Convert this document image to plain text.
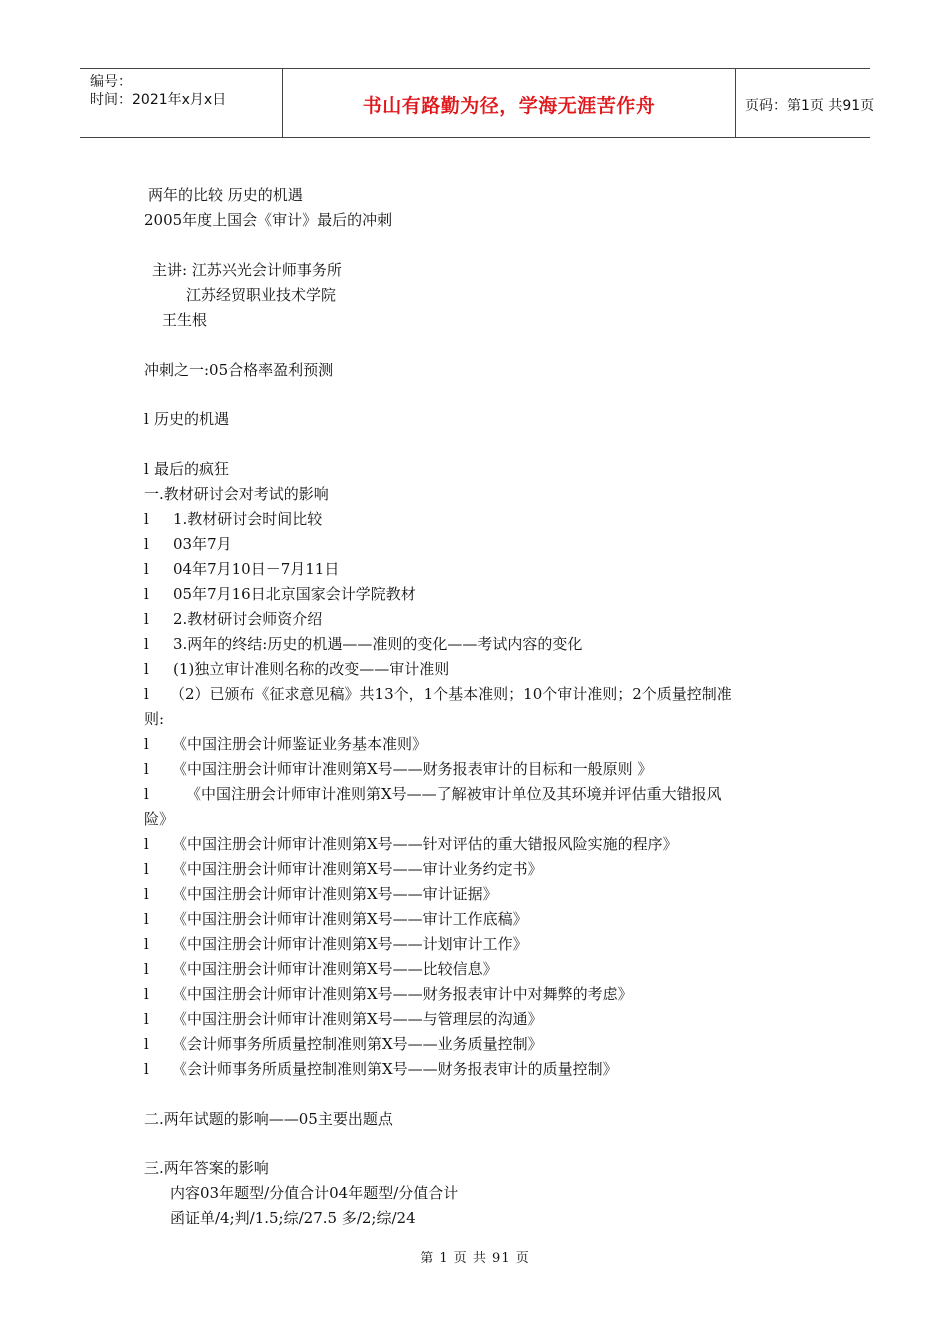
编号：
时间：2021年x月x日	书山有路勤为径，学海无涯苦作舟	页码：第1页 共91页
两年的比较 历史的机遇
2005年度上国会《审计》最后的冲刺
主讲: 江苏兴光会计师事务所
江苏经贸职业技术学院
王生根
冲刺之一:05合格率盈利预测
l 历史的机遇
l 最后的疯狂
一.教材研讨会对考试的影响
l 1.教材研讨会时间比较
l 03年7月
l 04年7月10日－7月11日
l 05年7月16日北京国家会计学院教材
l 2.教材研讨会师资介绍
l 3.两年的终结:历史的机遇——准则的变化——考试内容的变化
l (1)独立审计准则名称的改变——审计准则
l （2）已颁布《征求意见稿》共13个，1个基本准则；10个审计准则；2个质量控制准
则:
l 《中国注册会计师鉴证业务基本准则》
l 《中国注册会计师审计准则第X号——财务报表审计的目标和一般原则 》
l 《中国注册会计师审计准则第X号——了解被审计单位及其环境并评估重大错报风
险》
l 《中国注册会计师审计准则第X号——针对评估的重大错报风险实施的程序》
l 《中国注册会计师审计准则第X号——审计业务约定书》
l 《中国注册会计师审计准则第X号——审计证据》
l 《中国注册会计师审计准则第X号——审计工作底稿》
l 《中国注册会计师审计准则第X号——计划审计工作》
l 《中国注册会计师审计准则第X号——比较信息》
l 《中国注册会计师审计准则第X号——财务报表审计中对舞弊的考虑》
l 《中国注册会计师审计准则第X号——与管理层的沟通》
l 《会计师事务所质量控制准则第X号——业务质量控制》
l 《会计师事务所质量控制准则第X号——财务报表审计的质量控制》
二.两年试题的影响——05主要出题点
三.两年答案的影响
内容03年题型/分值合计04年题型/分值合计
函证单/4;判/1.5;综/27.5 多/2;综/24
第 1 页 共 91 页
